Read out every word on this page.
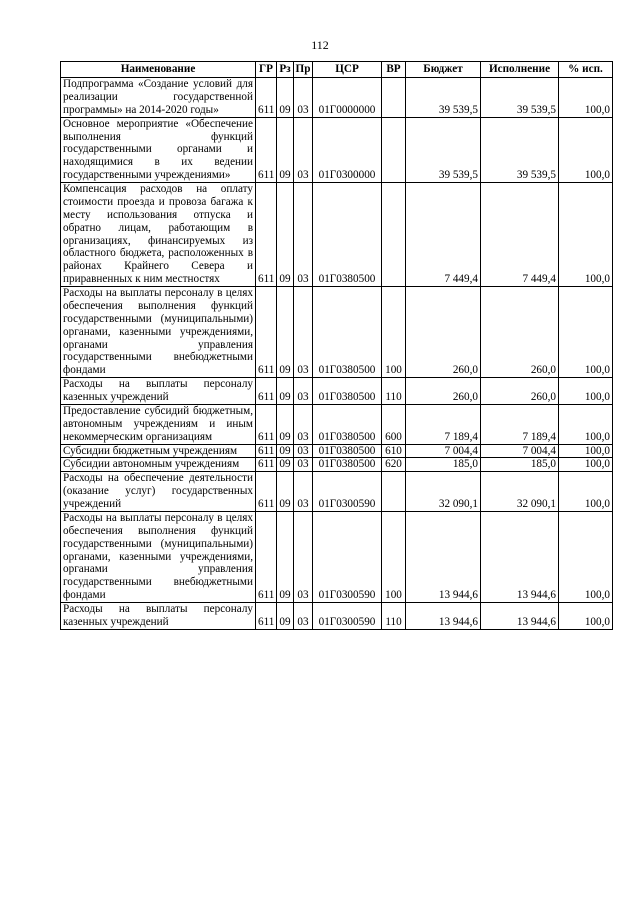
112
Наименование	ГР	Рз	Пр	ЦСР	ВР	Бюджет	Исполнение	% исп.
Подпрограмма «Создание условий для реализации государственной программы» на 2014-2020 годы»	611	09	03	01Г0000000		39 539,5	39 539,5	100,0
Основное мероприятие «Обеспечение выполнения функций государственными органами и находящимися в их ведении государственными учреждениями»	611	09	03	01Г0300000		39 539,5	39 539,5	100,0
Компенсация расходов на оплату стоимости проезда и провоза багажа к месту использования отпуска и обратно лицам, работающим в организациях, финансируемых из областного бюджета, расположенных в районах Крайнего Севера и приравненных к ним местностях	611	09	03	01Г0380500		7 449,4	7 449,4	100,0
Расходы на выплаты персоналу в целях обеспечения выполнения функций государственными (муниципальными) органами, казенными учреждениями, органами управления государственными внебюджетными фондами	611	09	03	01Г0380500	100	260,0	260,0	100,0
Расходы на выплаты персоналу казенных учреждений	611	09	03	01Г0380500	110	260,0	260,0	100,0
Предоставление субсидий бюджетным, автономным учреждениям и иным некоммерческим организациям	611	09	03	01Г0380500	600	7 189,4	7 189,4	100,0
Субсидии бюджетным учреждениям	611	09	03	01Г0380500	610	7 004,4	7 004,4	100,0
Субсидии автономным учреждениям	611	09	03	01Г0380500	620	185,0	185,0	100,0
Расходы на обеспечение деятельности (оказание услуг) государственных учреждений	611	09	03	01Г0300590		32 090,1	32 090,1	100,0
Расходы на выплаты персоналу в целях обеспечения выполнения функций государственными (муниципальными) органами, казенными учреждениями, органами управления государственными внебюджетными фондами	611	09	03	01Г0300590	100	13 944,6	13 944,6	100,0
Расходы на выплаты персоналу казенных учреждений	611	09	03	01Г0300590	110	13 944,6	13 944,6	100,0
